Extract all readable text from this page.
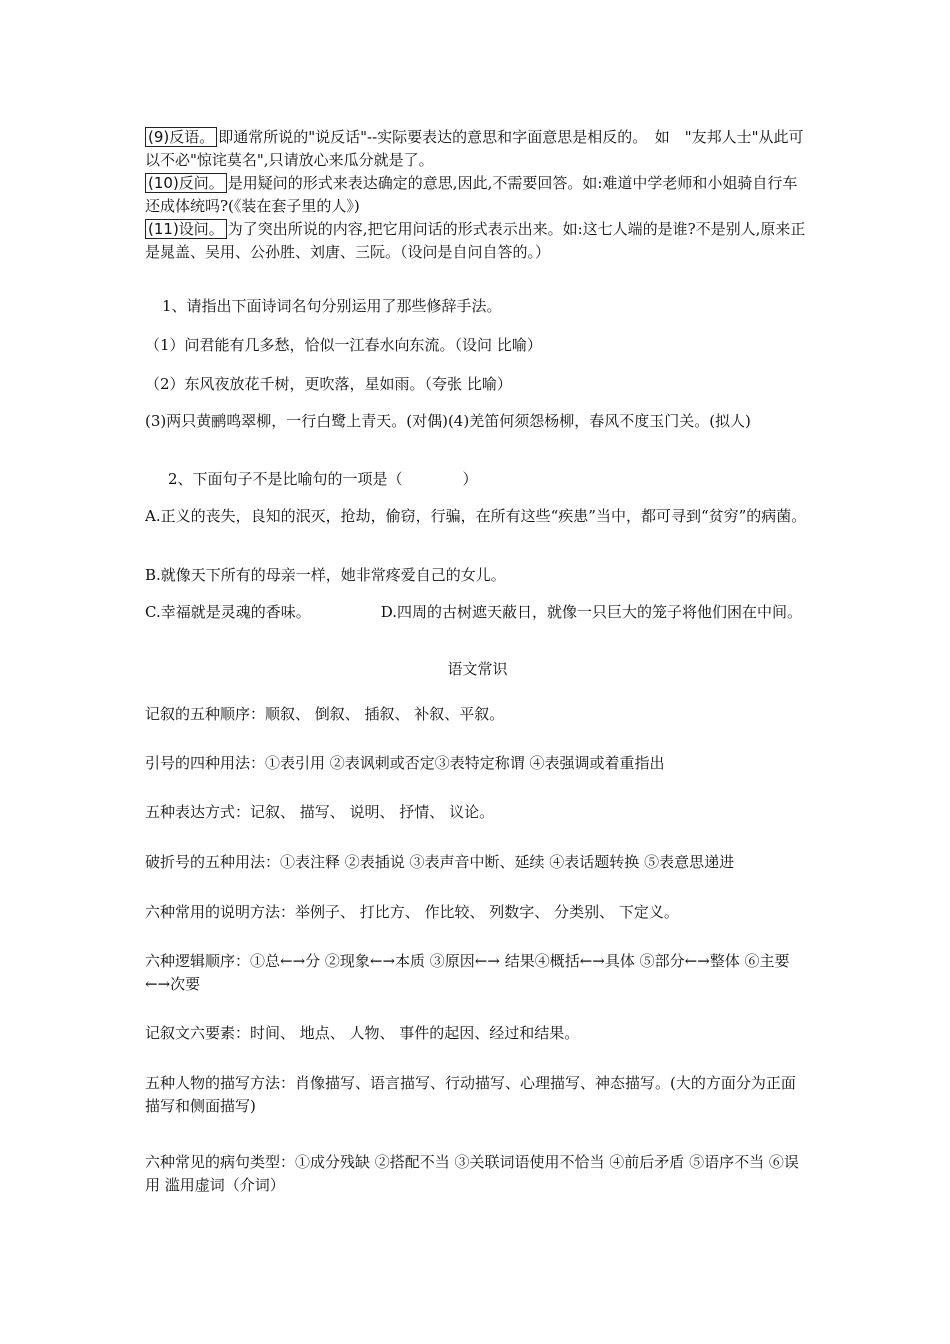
(9)反语。 即通常所说的"说反话"--实际要表达的意思和字面意思是相反的。　如　"友邦人士"从此可以不必"惊诧莫名",只请放心来瓜分就是了。

(10)反问。 是用疑问的形式来表达确定的意思,因此,不需要回答。如:难道中学老师和小姐骑自行车还成体统吗?(《装在套子里的人》)

(11)设问。 为了突出所说的内容,把它用问话的形式表示出来。如:这七人端的是谁?不是别人,原来正是晁盖、吴用、公孙胜、刘唐、三阮。（设问是自问自答的。）

1、请指出下面诗词名句分别运用了那些修辞手法。

（1）问君能有几多愁，恰似一江春水向东流。（设问 比喻）

（2）东风夜放花千树，更吹落，星如雨。（夸张 比喻）

(3)两只黄鹂鸣翠柳，一行白鹭上青天。(对偶)(4)羌笛何须怨杨柳，春风不度玉门关。(拟人)

2、下面句子不是比喻句的一项是（　　　　）

A.正义的丧失，良知的泯灭，抢劫，偷窃，行骗，在所有这些“疾患”当中，都可寻到“贫穷”的病菌。

B.就像天下所有的母亲一样，她非常疼爱自己的女儿。

C.幸福就是灵魂的香味。	D.四周的古树遮天蔽日，就像一只巨大的笼子将他们困在中间。

语文常识

记叙的五种顺序：顺叙、 倒叙、 插叙、 补叙、平叙。

引号的四种用法：①表引用 ②表讽刺或否定③表特定称谓 ④表强调或着重指出

五种表达方式：记叙、 描写、 说明、 抒情、 议论。

破折号的五种用法：①表注释 ②表插说 ③表声音中断、延续 ④表话题转换 ⑤表意思递进

六种常用的说明方法：举例子、 打比方、 作比较、 列数字、 分类别、 下定义。

六种逻辑顺序：①总←→分 ②现象←→本质 ③原因←→ 结果④概括←→具体 ⑤部分←→整体 ⑥主要←→次要

记叙文六要素：时间、 地点、 人物、 事件的起因、经过和结果。

五种人物的描写方法：肖像描写、语言描写、行动描写、心理描写、神态描写。(大的方面分为正面描写和侧面描写)

六种常见的病句类型：①成分残缺 ②搭配不当 ③关联词语使用不恰当 ④前后矛盾 ⑤语序不当 ⑥误用 滥用虚词（介词）
